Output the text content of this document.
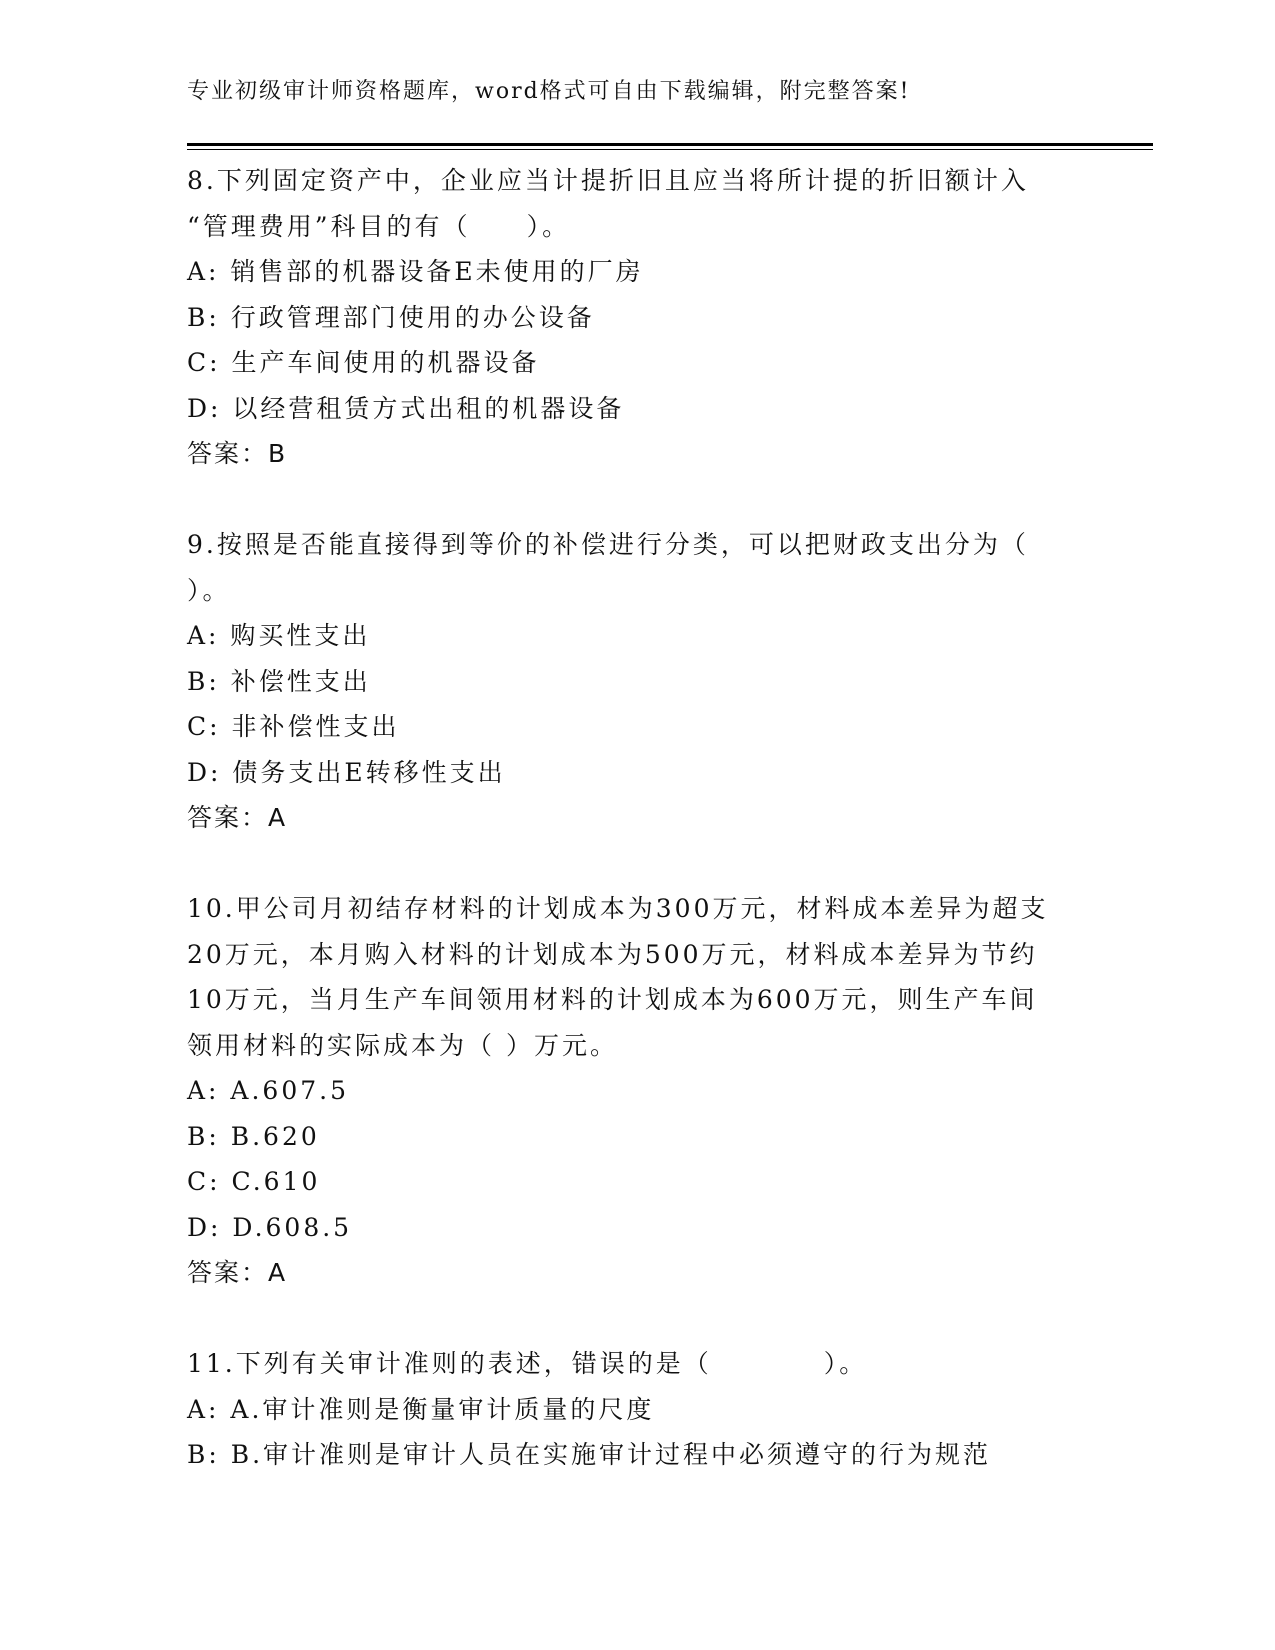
专业初级审计师资格题库，word格式可自由下载编辑，附完整答案!
8.下列固定资产中，企业应当计提折旧且应当将所计提的折旧额计入
“管理费用”科目的有（　　）。
A: 销售部的机器设备E未使用的厂房
B: 行政管理部门使用的办公设备
C: 生产车间使用的机器设备
D: 以经营租赁方式出租的机器设备
答案：B
9.按照是否能直接得到等价的补偿进行分类，可以把财政支出分为（
）。
A: 购买性支出
B: 补偿性支出
C: 非补偿性支出
D: 债务支出E转移性支出
答案：A
10.甲公司月初结存材料的计划成本为300万元，材料成本差异为超支
20万元，本月购入材料的计划成本为500万元，材料成本差异为节约
10万元，当月生产车间领用材料的计划成本为600万元，则生产车间
领用材料的实际成本为（ ）万元。
A: A.607.5
B: B.620
C: C.610
D: D.608.5
答案：A
11.下列有关审计准则的表述，错误的是（　　　　）。
A: A.审计准则是衡量审计质量的尺度
B: B.审计准则是审计人员在实施审计过程中必须遵守的行为规范
